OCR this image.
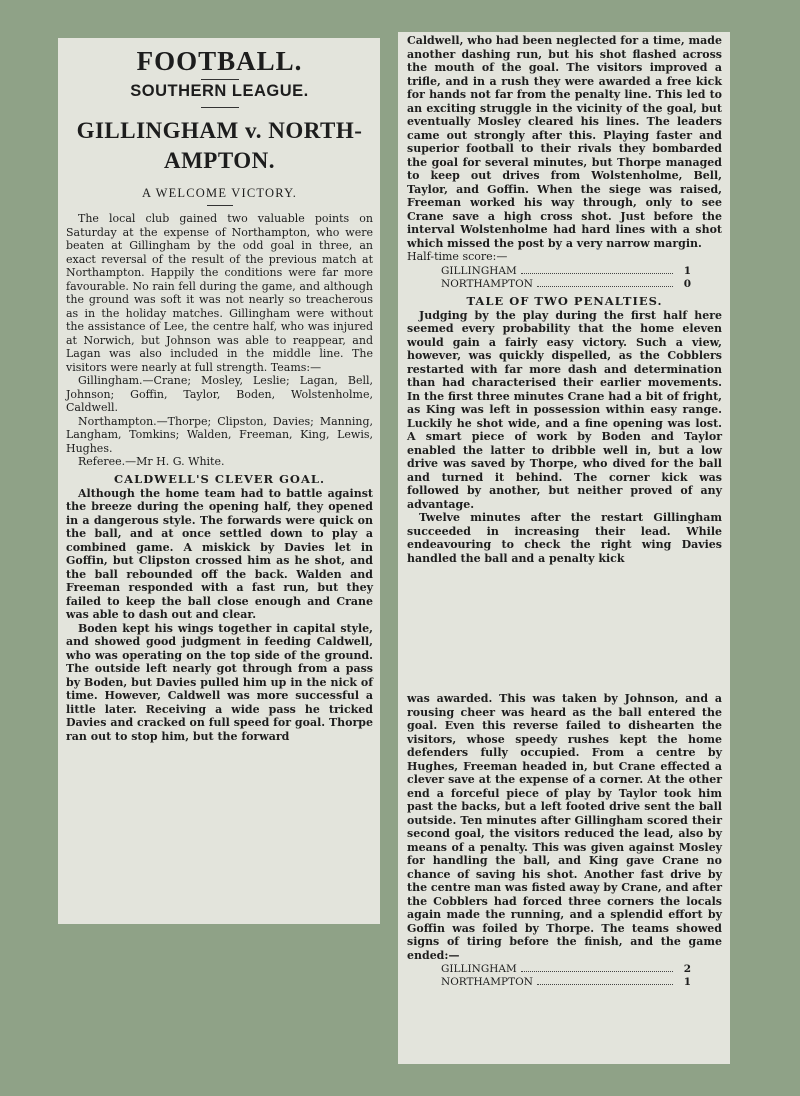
FOOTBALL.
SOUTHERN LEAGUE.
GILLINGHAM v. NORTH-AMPTON.
A WELCOME VICTORY.

The local club gained two valuable points on Saturday at the expense of Northampton, who were beaten at Gillingham by the odd goal in three, an exact reversal of the result of the previous match at Northampton. Happily the conditions were far more favourable. No rain fell during the game, and although the ground was soft it was not nearly so treacherous as in the holiday matches. Gillingham were without the assistance of Lee, the centre half, who was injured at Norwich, but Johnson was able to reappear, and Lagan was also included in the middle line. The visitors were nearly at full strength. Teams:—

Gillingham.—Crane; Mosley, Leslie; Lagan, Bell, Johnson; Goffin, Taylor, Boden, Wolstenholme, Caldwell.

Northampton.—Thorpe; Clipston, Davies; Manning, Langham, Tomkins; Walden, Freeman, King, Lewis, Hughes.

Referee.—Mr H. G. White.

CALDWELL'S CLEVER GOAL.

Although the home team had to battle against the breeze during the opening half, they opened in a dangerous style. The forwards were quick on the ball, and at once settled down to play a combined game. A miskick by Davies let in Goffin, but Clipston crossed him as he shot, and the ball rebounded off the back. Walden and Freeman responded with a fast run, but they failed to keep the ball close enough and Crane was able to dash out and clear.

Boden kept his wings together in capital style, and showed good judgment in feeding Caldwell, who was operating on the top side of the ground. The outside left nearly got through from a pass by Boden, but Davies pulled him up in the nick of time. However, Caldwell was more successful a little later. Receiving a wide pass he tricked Davies and cracked on full speed for goal. Thorpe ran out to stop him, but the forward

Caldwell, who had been neglected for a time, made another dashing run, but his shot flashed across the mouth of the goal. The visitors improved a trifle, and in a rush they were awarded a free kick for hands not far from the penalty line. This led to an exciting struggle in the vicinity of the goal, but eventually Mosley cleared his lines. The leaders came out strongly after this. Playing faster and superior football to their rivals they bombarded the goal for several minutes, but Thorpe managed to keep out drives from Wolstenholme, Bell, Taylor, and Goffin. When the siege was raised, Freeman worked his way through, only to see Crane save a high cross shot. Just before the interval Wolstenholme had hard lines with a shot which missed the post by a very narrow margin.

Half-time score:—
GILLINGHAM	1
NORTHAMPTON	0
TALE OF TWO PENALTIES.

Judging by the play during the first half here seemed every probability that the home eleven would gain a fairly easy victory. Such a view, however, was quickly dispelled, as the Cobblers restarted with far more dash and determination than had characterised their earlier movements. In the first three minutes Crane had a bit of fright, as King was left in possession within easy range. Luckily he shot wide, and a fine opening was lost. A smart piece of work by Boden and Taylor enabled the latter to dribble well in, but a low drive was saved by Thorpe, who dived for the ball and turned it behind. The corner kick was followed by another, but neither proved of any advantage.

Twelve minutes after the restart Gillingham succeeded in increasing their lead. While endeavouring to check the right wing Davies handled the ball and a penalty kick

was awarded. This was taken by Johnson, and a rousing cheer was heard as the ball entered the goal. Even this reverse failed to dishearten the visitors, whose speedy rushes kept the home defenders fully occupied. From a centre by Hughes, Freeman headed in, but Crane effected a clever save at the expense of a corner. At the other end a forceful piece of play by Taylor took him past the backs, but a left footed drive sent the ball outside. Ten minutes after Gillingham scored their second goal, the visitors reduced the lead, also by means of a penalty. This was given against Mosley for handling the ball, and King gave Crane no chance of saving his shot. Another fast drive by the centre man was fisted away by Crane, and after the Cobblers had forced three corners the locals again made the running, and a splendid effort by Goffin was foiled by Thorpe. The teams showed signs of tiring before the finish, and the game ended:—

GILLINGHAM	2
NORTHAMPTON	1
